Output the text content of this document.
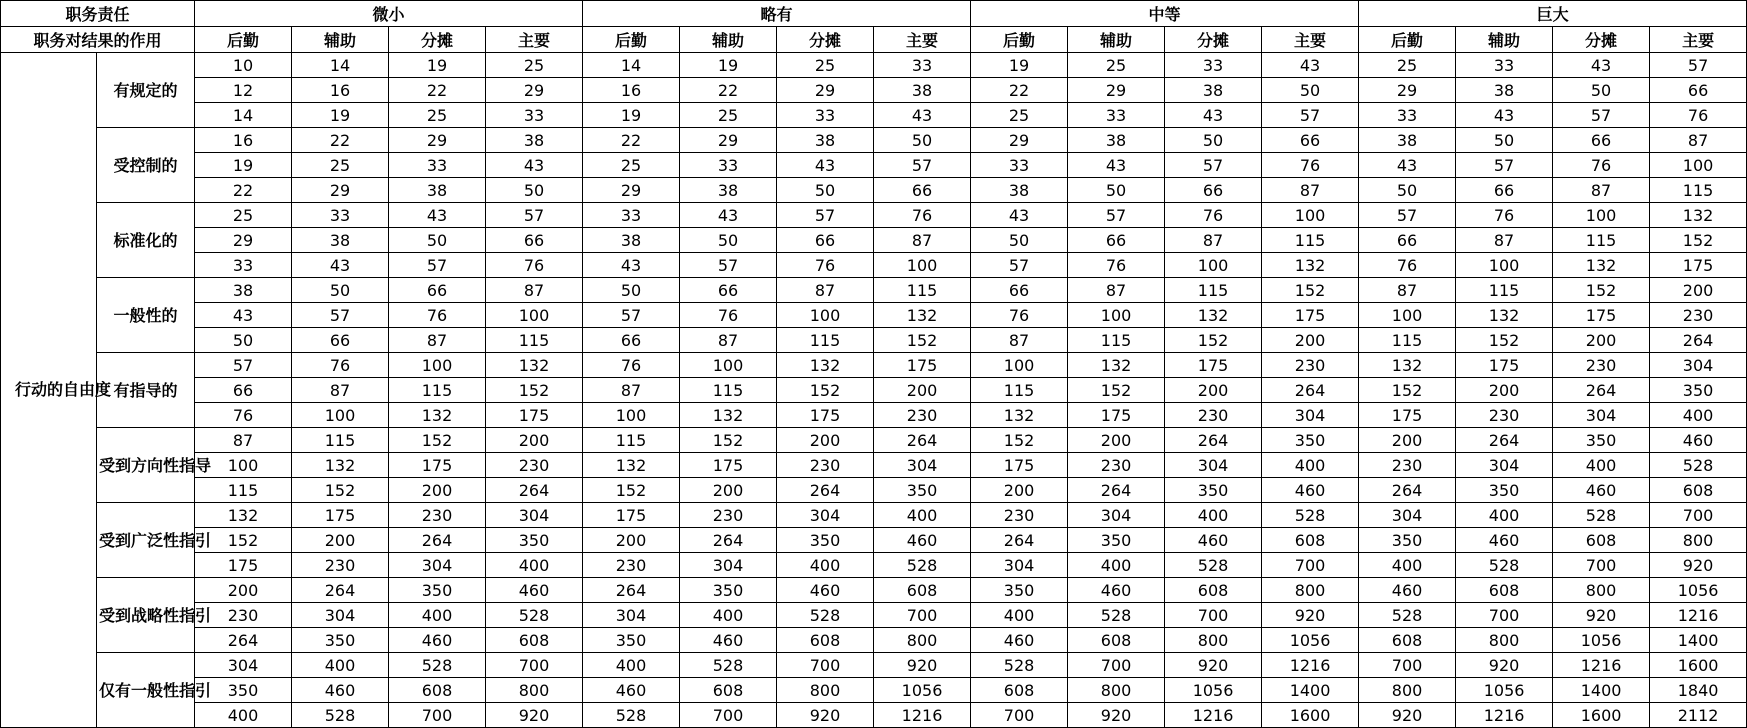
职务责任		微小				略有				中等				巨大			
职务对结果的作用		后勤	辅助	分摊	主要	后勤	辅助	分摊	主要	后勤	辅助	分摊	主要	后勤	辅助	分摊	主要
行动的自由度	有规定的	10	14	19	25	14	19	25	33	19	25	33	43	25	33	43	57
		12	16	22	29	16	22	29	38	22	29	38	50	29	38	50	66
		14	19	25	33	19	25	33	43	25	33	43	57	33	43	57	76
	受控制的	16	22	29	38	22	29	38	50	29	38	50	66	38	50	66	87
		19	25	33	43	25	33	43	57	33	43	57	76	43	57	76	100
		22	29	38	50	29	38	50	66	38	50	66	87	50	66	87	115
	标准化的	25	33	43	57	33	43	57	76	43	57	76	100	57	76	100	132
		29	38	50	66	38	50	66	87	50	66	87	115	66	87	115	152
		33	43	57	76	43	57	76	100	57	76	100	132	76	100	132	175
	一般性的	38	50	66	87	50	66	87	115	66	87	115	152	87	115	152	200
		43	57	76	100	57	76	100	132	76	100	132	175	100	132	175	230
		50	66	87	115	66	87	115	152	87	115	152	200	115	152	200	264
	有指导的	57	76	100	132	76	100	132	175	100	132	175	230	132	175	230	304
		66	87	115	152	87	115	152	200	115	152	200	264	152	200	264	350
		76	100	132	175	100	132	175	230	132	175	230	304	175	230	304	400
	受到方向性指导	87	115	152	200	115	152	200	264	152	200	264	350	200	264	350	460
		100	132	175	230	132	175	230	304	175	230	304	400	230	304	400	528
		115	152	200	264	152	200	264	350	200	264	350	460	264	350	460	608
	受到广泛性指引	132	175	230	304	175	230	304	400	230	304	400	528	304	400	528	700
		152	200	264	350	200	264	350	460	264	350	460	608	350	460	608	800
		175	230	304	400	230	304	400	528	304	400	528	700	400	528	700	920
	受到战略性指引	200	264	350	460	264	350	460	608	350	460	608	800	460	608	800	1056
		230	304	400	528	304	400	528	700	400	528	700	920	528	700	920	1216
		264	350	460	608	350	460	608	800	460	608	800	1056	608	800	1056	1400
	仅有一般性指引	304	400	528	700	400	528	700	920	528	700	920	1216	700	920	1216	1600
		350	460	608	800	460	608	800	1056	608	800	1056	1400	800	1056	1400	1840
		400	528	700	920	528	700	920	1216	700	920	1216	1600	920	1216	1600	2112
